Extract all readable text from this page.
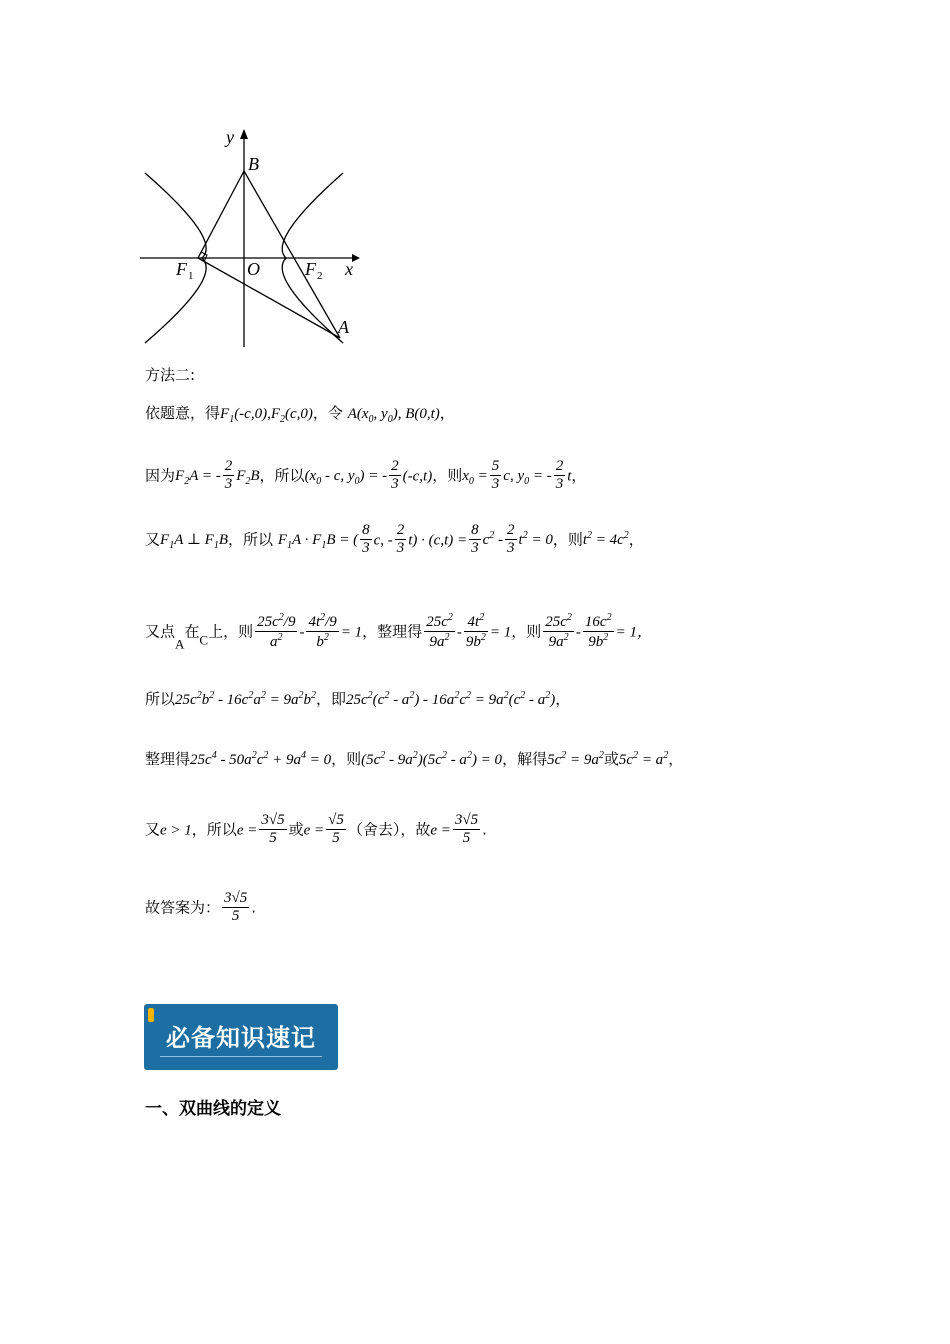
y
B
O	x
F 1	F 2
A
方法二:
依题意，得$F_1(-c,0),F_2(c,0)$，令 $A(x_0$, $y_0$), B(0,t)，
因为$F_2A$ = - $\frac{2}{3} F_2B$，所以($x_0$ - c, $y_0$) = - $\frac{2}{3} (-c,t)$，则$x_0 = \frac{5}{3} c$, $y_0$ = - $\frac{2}{3}$ t，
又$F_1A$ ⊥ $F_1B$，所以 $F_1A \cdot F_1B$ = ( $\frac{8}{3} c$, - $\frac{2}{3} t) \cdot (c,t) = \frac{8}{3} c^2 - \frac{2}{3} t^2 = 0$，则$t^2 = 4c^2$，
又点A在C上，则 $\frac{25c^2/9}{a^2} - \frac{4t^2/9}{b^2} = 1$，整理得 $\frac{25c^2}{9a^2} - \frac{4t^2}{9b^2} = 1$，则 $\frac{25c^2}{9a^2} - \frac{16c^2}{9b^2} = 1$，
所以$25c^2b^2 - 16c^2a^2 = 9a^2b^2$，即$25c^2(c^2 - a^2) - 16a^2c^2 = 9a^2(c^2 - a^2)$，
整理得$25c^4 - 50a^2c^2 + 9a^4 = 0$，则$(5c^2 - 9a^2)(5c^2 - a^2) = 0$，解得$5c^2 = 9a^2$或$5c^2 = a^2$，
又e > 1，所以$e = \frac{3√5}{5}$ 或$e = \frac{√5}{5}$ （舍去），故$e = \frac{3√5}{5}$ .
故答案为： $\frac{3√5}{5}$ .
必备知识速记
一、双曲线的定义
